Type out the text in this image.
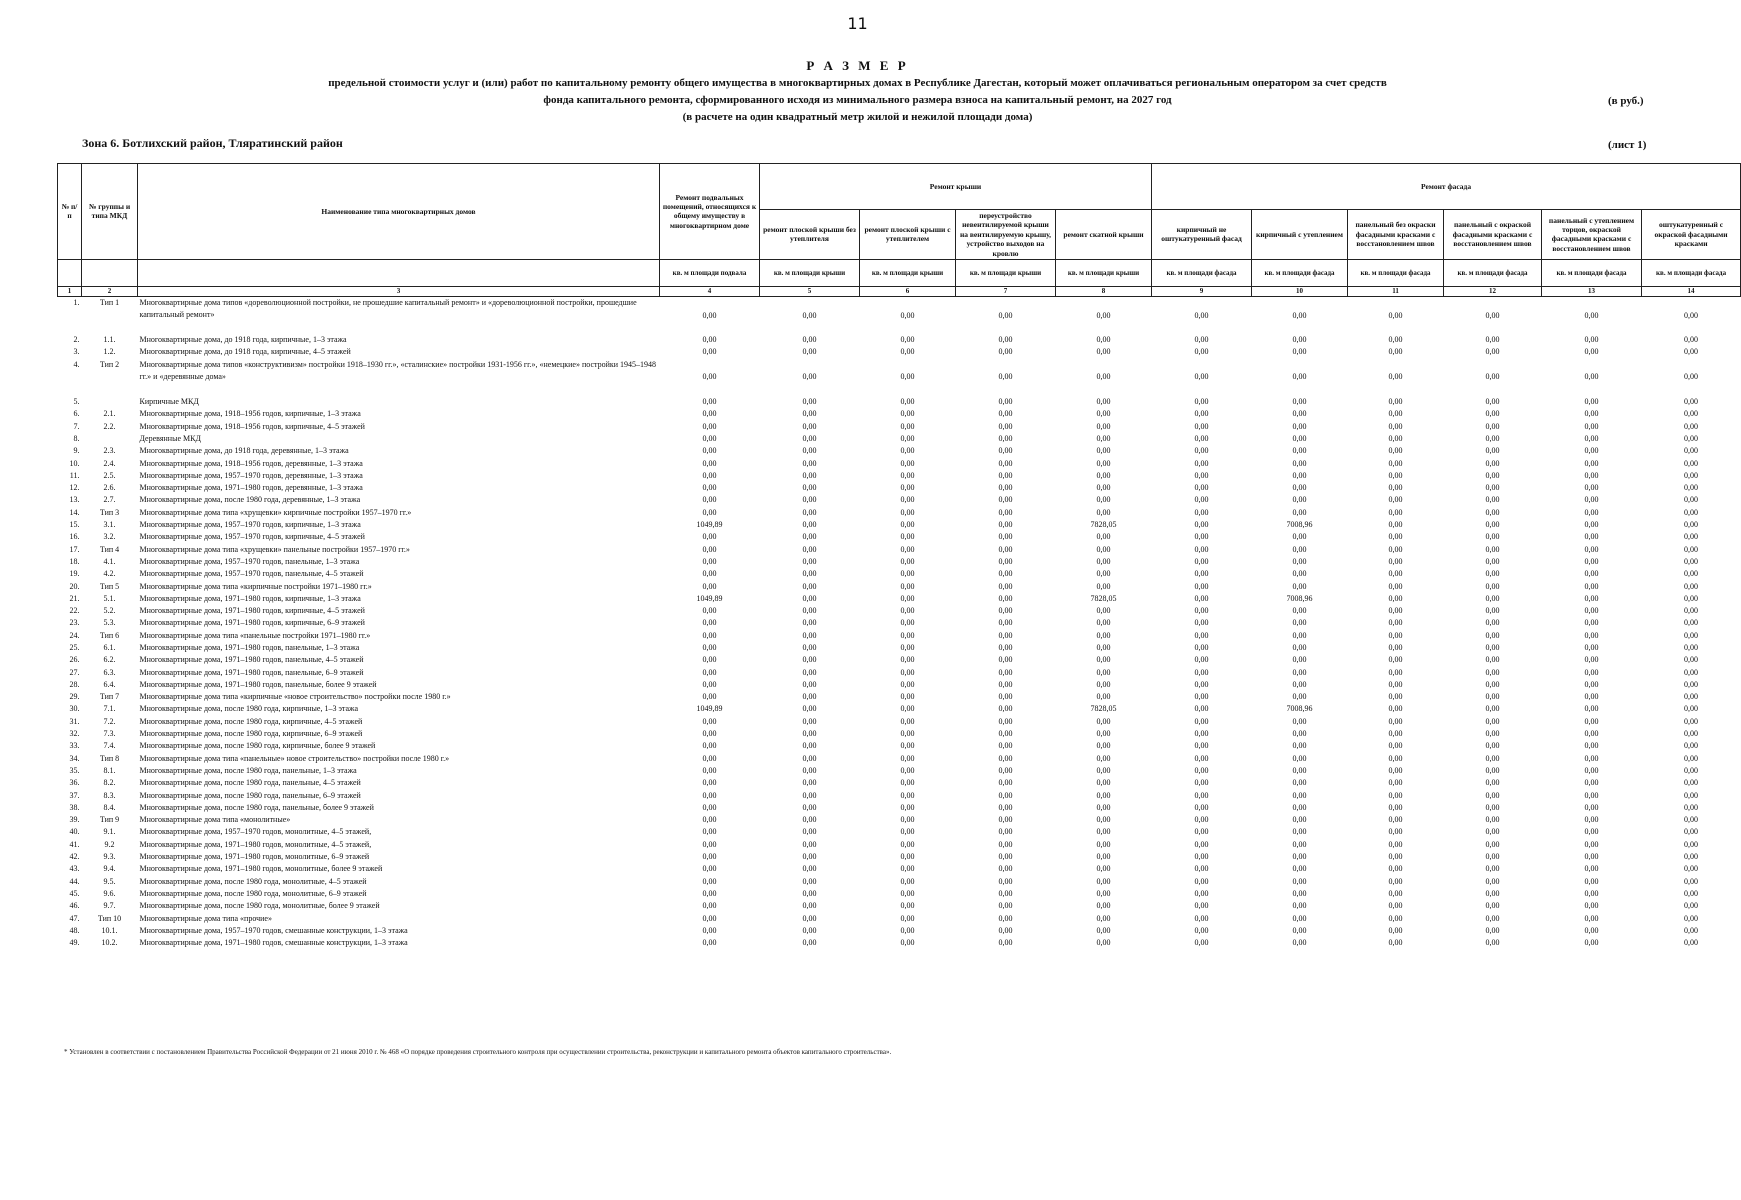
11
Р А З М Е Р
предельной стоимости услуг и (или) работ по капитальному ремонту общего имущества в многоквартирных домах в Республике Дагестан, который может оплачиваться региональным оператором за счет средств
фонда капитального ремонта, сформированного исходя из минимального размера взноса на капитальный ремонт, на 2027 год
(в расчете на один квадратный метр жилой и нежилой площади дома)
(в руб.)
Зона 6. Ботлихский район, Тляратинский район	(лист 1)
№ п/п	№ группы и типа МКД	Наименование типа многоквартирных домов	Ремонт подвальных помещений, относящихся к общему имуществу в многоквартирном доме	Ремонт крыши				Ремонт фасада					
				ремонт плоской крыши без утеплителя	ремонт плоской крыши с утеплителем	переустройство невентилируемой крыши на вентилируемую крышу, устройство выходов на кровлю	ремонт скатной крыши	кирпичный не оштукатуренный фасад	кирпичный с утеплением	панельный без окраски фасадными красками с восстановлением швов	панельный с окраской фасадными красками с восстановлением швов	панельный с утеплением торцов, окраской фасадными красками с восстановлением швов	оштукатуренный с окраской фасадными красками
			кв. м площади подвала	кв. м площади крыши	кв. м площади крыши	кв. м площади крыши	кв. м площади крыши	кв. м площади фасада	кв. м площади фасада	кв. м площади фасада	кв. м площади фасада	кв. м площади фасада	кв. м площади фасада
1	2	3	4	5	6	7	8	9	10	11	12	13	14
1.	Тип 1	Многоквартирные дома типов «дореволюционной постройки, не прошедшие капитальный ремонт» и «дореволюционной постройки, прошедшие капитальный ремонт»	0,00	0,00	0,00	0,00	0,00	0,00	0,00	0,00	0,00	0,00	0,00

2.	1.1.	Многоквартирные дома, до 1918 года, кирпичные, 1–3 этажа	0,00	0,00	0,00	0,00	0,00	0,00	0,00	0,00	0,00	0,00	0,00
3.	1.2.	Многоквартирные дома, до 1918 года, кирпичные, 4–5 этажей	0,00	0,00	0,00	0,00	0,00	0,00	0,00	0,00	0,00	0,00	0,00
4.	Тип 2	Многоквартирные дома типов «конструктивизм» постройки 1918–1930 гг.», «сталинские» постройки 1931-1956 гг.», «немецкие» постройки 1945–1948 гг.» и «деревянные дома»	0,00	0,00	0,00	0,00	0,00	0,00	0,00	0,00	0,00	0,00	0,00

5.		Кирпичные МКД	0,00	0,00	0,00	0,00	0,00	0,00	0,00	0,00	0,00	0,00	0,00
6.	2.1.	Многоквартирные дома, 1918–1956 годов, кирпичные, 1–3 этажа	0,00	0,00	0,00	0,00	0,00	0,00	0,00	0,00	0,00	0,00	0,00
7.	2.2.	Многоквартирные дома, 1918–1956 годов, кирпичные, 4–5 этажей	0,00	0,00	0,00	0,00	0,00	0,00	0,00	0,00	0,00	0,00	0,00
8.		Деревянные МКД	0,00	0,00	0,00	0,00	0,00	0,00	0,00	0,00	0,00	0,00	0,00
9.	2.3.	Многоквартирные дома, до 1918 года, деревянные, 1–3 этажа	0,00	0,00	0,00	0,00	0,00	0,00	0,00	0,00	0,00	0,00	0,00
10.	2.4.	Многоквартирные дома, 1918–1956 годов, деревянные, 1–3 этажа	0,00	0,00	0,00	0,00	0,00	0,00	0,00	0,00	0,00	0,00	0,00
11.	2.5.	Многоквартирные дома, 1957–1970 годов, деревянные, 1–3 этажа	0,00	0,00	0,00	0,00	0,00	0,00	0,00	0,00	0,00	0,00	0,00
12.	2.6.	Многоквартирные дома, 1971–1980 годов, деревянные, 1–3 этажа	0,00	0,00	0,00	0,00	0,00	0,00	0,00	0,00	0,00	0,00	0,00
13.	2.7.	Многоквартирные дома, после 1980 года, деревянные, 1–3 этажа	0,00	0,00	0,00	0,00	0,00	0,00	0,00	0,00	0,00	0,00	0,00
14.	Тип 3	Многоквартирные дома типа «хрущевки» кирпичные постройки 1957–1970 гг.»	0,00	0,00	0,00	0,00	0,00	0,00	0,00	0,00	0,00	0,00	0,00
15.	3.1.	Многоквартирные дома, 1957–1970 годов, кирпичные, 1–3 этажа	1049,89	0,00	0,00	0,00	7828,05	0,00	7008,96	0,00	0,00	0,00	0,00
16.	3.2.	Многоквартирные дома, 1957–1970 годов, кирпичные, 4–5 этажей	0,00	0,00	0,00	0,00	0,00	0,00	0,00	0,00	0,00	0,00	0,00
17.	Тип 4	Многоквартирные дома типа «хрущевки» панельные постройки 1957–1970 гг.»	0,00	0,00	0,00	0,00	0,00	0,00	0,00	0,00	0,00	0,00	0,00
18.	4.1.	Многоквартирные дома, 1957–1970 годов, панельные, 1–3 этажа	0,00	0,00	0,00	0,00	0,00	0,00	0,00	0,00	0,00	0,00	0,00
19.	4.2.	Многоквартирные дома, 1957–1970 годов, панельные, 4–5 этажей	0,00	0,00	0,00	0,00	0,00	0,00	0,00	0,00	0,00	0,00	0,00
20.	Тип 5	Многоквартирные дома типа «кирпичные постройки 1971–1980 гг.»	0,00	0,00	0,00	0,00	0,00	0,00	0,00	0,00	0,00	0,00	0,00
21.	5.1.	Многоквартирные дома, 1971–1980 годов, кирпичные, 1–3 этажа	1049,89	0,00	0,00	0,00	7828,05	0,00	7008,96	0,00	0,00	0,00	0,00
22.	5.2.	Многоквартирные дома, 1971–1980 годов, кирпичные, 4–5 этажей	0,00	0,00	0,00	0,00	0,00	0,00	0,00	0,00	0,00	0,00	0,00
23.	5.3.	Многоквартирные дома, 1971–1980 годов, кирпичные, 6–9 этажей	0,00	0,00	0,00	0,00	0,00	0,00	0,00	0,00	0,00	0,00	0,00
24.	Тип 6	Многоквартирные дома типа «панельные постройки 1971–1980 гг.»	0,00	0,00	0,00	0,00	0,00	0,00	0,00	0,00	0,00	0,00	0,00
25.	6.1.	Многоквартирные дома, 1971–1980 годов, панельные, 1–3 этажа	0,00	0,00	0,00	0,00	0,00	0,00	0,00	0,00	0,00	0,00	0,00
26.	6.2.	Многоквартирные дома, 1971–1980 годов, панельные, 4–5 этажей	0,00	0,00	0,00	0,00	0,00	0,00	0,00	0,00	0,00	0,00	0,00
27.	6.3.	Многоквартирные дома, 1971–1980 годов, панельные, 6–9 этажей	0,00	0,00	0,00	0,00	0,00	0,00	0,00	0,00	0,00	0,00	0,00
28.	6.4.	Многоквартирные дома, 1971–1980 годов, панельные, более 9 этажей	0,00	0,00	0,00	0,00	0,00	0,00	0,00	0,00	0,00	0,00	0,00
29.	Тип 7	Многоквартирные дома типа «кирпичные «новое строительство» постройки после 1980 г.»	0,00	0,00	0,00	0,00	0,00	0,00	0,00	0,00	0,00	0,00	0,00
30.	7.1.	Многоквартирные дома, после 1980 года, кирпичные, 1–3 этажа	1049,89	0,00	0,00	0,00	7828,05	0,00	7008,96	0,00	0,00	0,00	0,00
31.	7.2.	Многоквартирные дома, после 1980 года, кирпичные, 4–5 этажей	0,00	0,00	0,00	0,00	0,00	0,00	0,00	0,00	0,00	0,00	0,00
32.	7.3.	Многоквартирные дома, после 1980 года, кирпичные, 6–9 этажей	0,00	0,00	0,00	0,00	0,00	0,00	0,00	0,00	0,00	0,00	0,00
33.	7.4.	Многоквартирные дома, после 1980 года, кирпичные, более 9 этажей	0,00	0,00	0,00	0,00	0,00	0,00	0,00	0,00	0,00	0,00	0,00
34.	Тип 8	Многоквартирные дома типа «панельные» новое строительство» постройки после 1980 г.»	0,00	0,00	0,00	0,00	0,00	0,00	0,00	0,00	0,00	0,00	0,00
35.	8.1.	Многоквартирные дома, после 1980 года, панельные, 1–3 этажа	0,00	0,00	0,00	0,00	0,00	0,00	0,00	0,00	0,00	0,00	0,00
36.	8.2.	Многоквартирные дома, после 1980 года, панельные, 4–5 этажей	0,00	0,00	0,00	0,00	0,00	0,00	0,00	0,00	0,00	0,00	0,00
37.	8.3.	Многоквартирные дома, после 1980 года, панельные, 6–9 этажей	0,00	0,00	0,00	0,00	0,00	0,00	0,00	0,00	0,00	0,00	0,00
38.	8.4.	Многоквартирные дома, после 1980 года, панельные, более 9 этажей	0,00	0,00	0,00	0,00	0,00	0,00	0,00	0,00	0,00	0,00	0,00
39.	Тип 9	Многоквартирные дома типа «монолитные»	0,00	0,00	0,00	0,00	0,00	0,00	0,00	0,00	0,00	0,00	0,00
40.	9.1.	Многоквартирные дома, 1957–1970 годов, монолитные, 4–5 этажей,	0,00	0,00	0,00	0,00	0,00	0,00	0,00	0,00	0,00	0,00	0,00
41.	9.2	Многоквартирные дома, 1971–1980 годов, монолитные, 4–5 этажей,	0,00	0,00	0,00	0,00	0,00	0,00	0,00	0,00	0,00	0,00	0,00
42.	9.3.	Многоквартирные дома, 1971–1980 годов, монолитные, 6–9 этажей	0,00	0,00	0,00	0,00	0,00	0,00	0,00	0,00	0,00	0,00	0,00
43.	9.4.	Многоквартирные дома, 1971–1980 годов, монолитные, более 9 этажей	0,00	0,00	0,00	0,00	0,00	0,00	0,00	0,00	0,00	0,00	0,00
44.	9.5.	Многоквартирные дома, после 1980 года, монолитные, 4–5 этажей	0,00	0,00	0,00	0,00	0,00	0,00	0,00	0,00	0,00	0,00	0,00
45.	9.6.	Многоквартирные дома, после 1980 года, монолитные, 6–9 этажей	0,00	0,00	0,00	0,00	0,00	0,00	0,00	0,00	0,00	0,00	0,00
46.	9.7.	Многоквартирные дома, после 1980 года, монолитные, более 9 этажей	0,00	0,00	0,00	0,00	0,00	0,00	0,00	0,00	0,00	0,00	0,00
47.	Тип 10	Многоквартирные дома типа «прочие»	0,00	0,00	0,00	0,00	0,00	0,00	0,00	0,00	0,00	0,00	0,00
48.	10.1.	Многоквартирные дома, 1957–1970 годов, смешанные конструкции, 1–3 этажа	0,00	0,00	0,00	0,00	0,00	0,00	0,00	0,00	0,00	0,00	0,00
49.	10.2.	Многоквартирные дома, 1971–1980 годов, смешанные конструкции, 1–3 этажа	0,00	0,00	0,00	0,00	0,00	0,00	0,00	0,00	0,00	0,00	0,00
* Установлен в соответствии с постановлением Правительства Российской Федерации от 21 июня 2010 г. № 468 «О порядке проведения строительного контроля при осуществлении строительства, реконструкции и капитального ремонта объектов капитального строительства».
